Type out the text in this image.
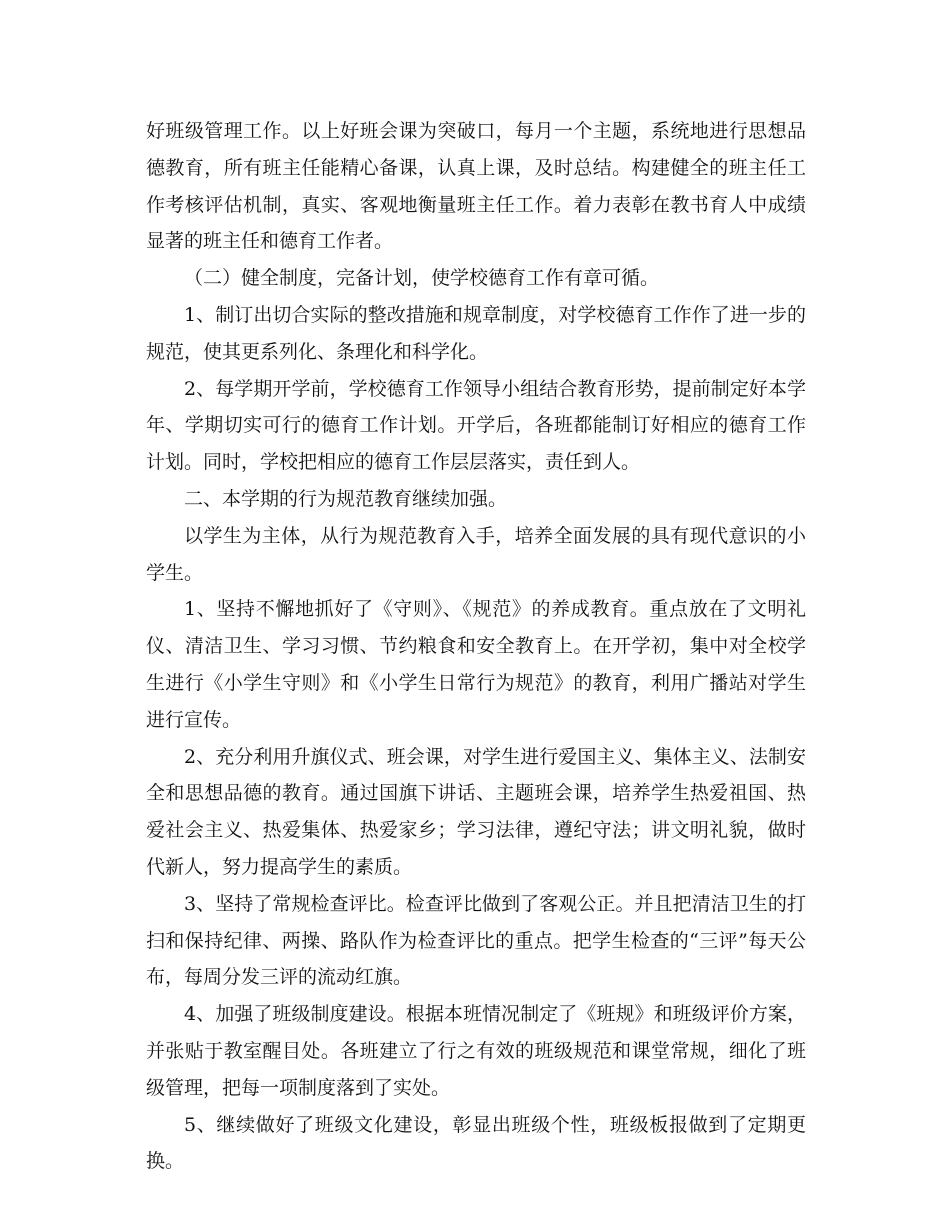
好班级管理工作。以上好班会课为突破口，每月一个主题，系统地进行思想品德教育，所有班主任能精心备课，认真上课，及时总结。构建健全的班主任工作考核评估机制，真实、客观地衡量班主任工作。着力表彰在教书育人中成绩显著的班主任和德育工作者。

（二）健全制度，完备计划，使学校德育工作有章可循。

1、制订出切合实际的整改措施和规章制度，对学校德育工作作了进一步的规范，使其更系列化、条理化和科学化。

2、每学期开学前，学校德育工作领导小组结合教育形势，提前制定好本学年、学期切实可行的德育工作计划。开学后，各班都能制订好相应的德育工作计划。同时，学校把相应的德育工作层层落实，责任到人。

二、本学期的行为规范教育继续加强。

以学生为主体，从行为规范教育入手，培养全面发展的具有现代意识的小学生。

1、坚持不懈地抓好了《守则》、《规范》的养成教育。重点放在了文明礼仪、清洁卫生、学习习惯、节约粮食和安全教育上。在开学初，集中对全校学生进行《小学生守则》和《小学生日常行为规范》的教育，利用广播站对学生进行宣传。

2、充分利用升旗仪式、班会课，对学生进行爱国主义、集体主义、法制安全和思想品德的教育。通过国旗下讲话、主题班会课，培养学生热爱祖国、热爱社会主义、热爱集体、热爱家乡；学习法律，遵纪守法；讲文明礼貌，做时代新人，努力提高学生的素质。

3、坚持了常规检查评比。检查评比做到了客观公正。并且把清洁卫生的打扫和保持纪律、两操、路队作为检查评比的重点。把学生检查的“三评”每天公布，每周分发三评的流动红旗。

4、加强了班级制度建设。根据本班情况制定了《班规》和班级评价方案，并张贴于教室醒目处。各班建立了行之有效的班级规范和课堂常规，细化了班级管理，把每一项制度落到了实处。

5、继续做好了班级文化建设，彰显出班级个性，班级板报做到了定期更换。
